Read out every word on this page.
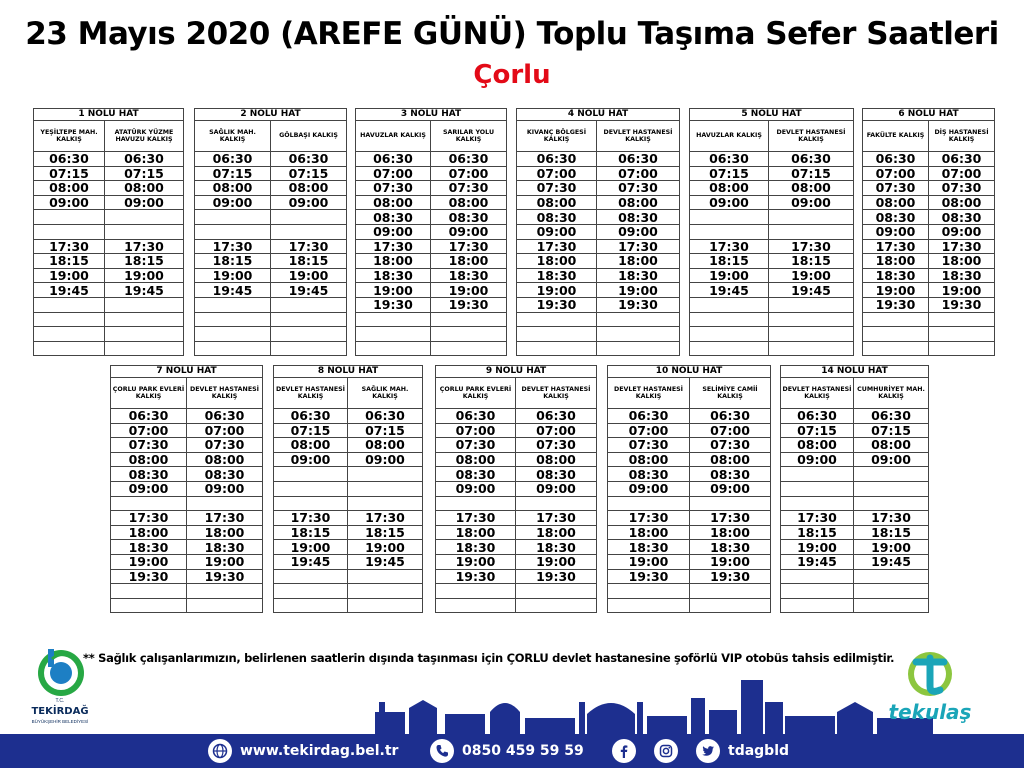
23 Mayıs 2020 (AREFE GÜNÜ) Toplu Taşıma Sefer Saatleri
Çorlu
1 NOLU HAT	
YEŞİLTEPE MAH. KALKIŞ	ATATÜRK YÜZME HAVUZU KALKIŞ
06:30	06:30
07:15	07:15
08:00	08:00
09:00	09:00

17:30	17:30
18:15	18:15
19:00	19:00
19:45	19:45

2 NOLU HAT	
SAĞLIK MAH. KALKIŞ	GÖLBAŞI KALKIŞ
06:30	06:30
07:15	07:15
08:00	08:00
09:00	09:00

17:30	17:30
18:15	18:15
19:00	19:00
19:45	19:45

3 NOLU HAT	
HAVUZLAR KALKIŞ	SARILAR YOLU KALKIŞ
06:30	06:30
07:00	07:00
07:30	07:30
08:00	08:00
08:30	08:30
09:00	09:00
17:30	17:30
18:00	18:00
18:30	18:30
19:00	19:00
19:30	19:30

4 NOLU HAT	
KIVANÇ BÖLGESİ KALKIŞ	DEVLET HASTANESİ KALKIŞ
06:30	06:30
07:00	07:00
07:30	07:30
08:00	08:00
08:30	08:30
09:00	09:00
17:30	17:30
18:00	18:00
18:30	18:30
19:00	19:00
19:30	19:30

5 NOLU HAT	
HAVUZLAR KALKIŞ	DEVLET HASTANESİ KALKIŞ
06:30	06:30
07:15	07:15
08:00	08:00
09:00	09:00

17:30	17:30
18:15	18:15
19:00	19:00
19:45	19:45

6 NOLU HAT	
FAKÜLTE KALKIŞ	DİŞ HASTANESİ KALKIŞ
06:30	06:30
07:00	07:00
07:30	07:30
08:00	08:00
08:30	08:30
09:00	09:00
17:30	17:30
18:00	18:00
18:30	18:30
19:00	19:00
19:30	19:30

7 NOLU HAT	
ÇORLU PARK EVLERİ KALKIŞ	DEVLET HASTANESİ KALKIŞ
06:30	06:30
07:00	07:00
07:30	07:30
08:00	08:00
08:30	08:30
09:00	09:00

17:30	17:30
18:00	18:00
18:30	18:30
19:00	19:00
19:30	19:30

8 NOLU HAT	
DEVLET HASTANESİ KALKIŞ	SAĞLIK MAH. KALKIŞ
06:30	06:30
07:15	07:15
08:00	08:00
09:00	09:00

17:30	17:30
18:15	18:15
19:00	19:00
19:45	19:45

9 NOLU HAT	
ÇORLU PARK EVLERİ KALKIŞ	DEVLET HASTANESİ KALKIŞ
06:30	06:30
07:00	07:00
07:30	07:30
08:00	08:00
08:30	08:30
09:00	09:00

17:30	17:30
18:00	18:00
18:30	18:30
19:00	19:00
19:30	19:30

10 NOLU HAT	
DEVLET HASTANESİ KALKIŞ	SELİMİYE CAMİİ KALKIŞ
06:30	06:30
07:00	07:00
07:30	07:30
08:00	08:00
08:30	08:30
09:00	09:00

17:30	17:30
18:00	18:00
18:30	18:30
19:00	19:00
19:30	19:30

14 NOLU HAT	
DEVLET HASTANESİ KALKIŞ	CUMHURİYET MAH. KALKIŞ
06:30	06:30
07:15	07:15
08:00	08:00
09:00	09:00

17:30	17:30
18:15	18:15
19:00	19:00
19:45	19:45

** Sağlık çalışanlarımızın, belirlenen saatlerin dışında taşınması için ÇORLU devlet hastanesine şoförlü VIP otobüs tahsis edilmiştir.
T.C.
TEKİRDAĞ
BÜYÜKŞEHİR BELEDİYESİ	tekulaş
www.tekirdag.bel.tr	0850 459 59 59	tdagbld
